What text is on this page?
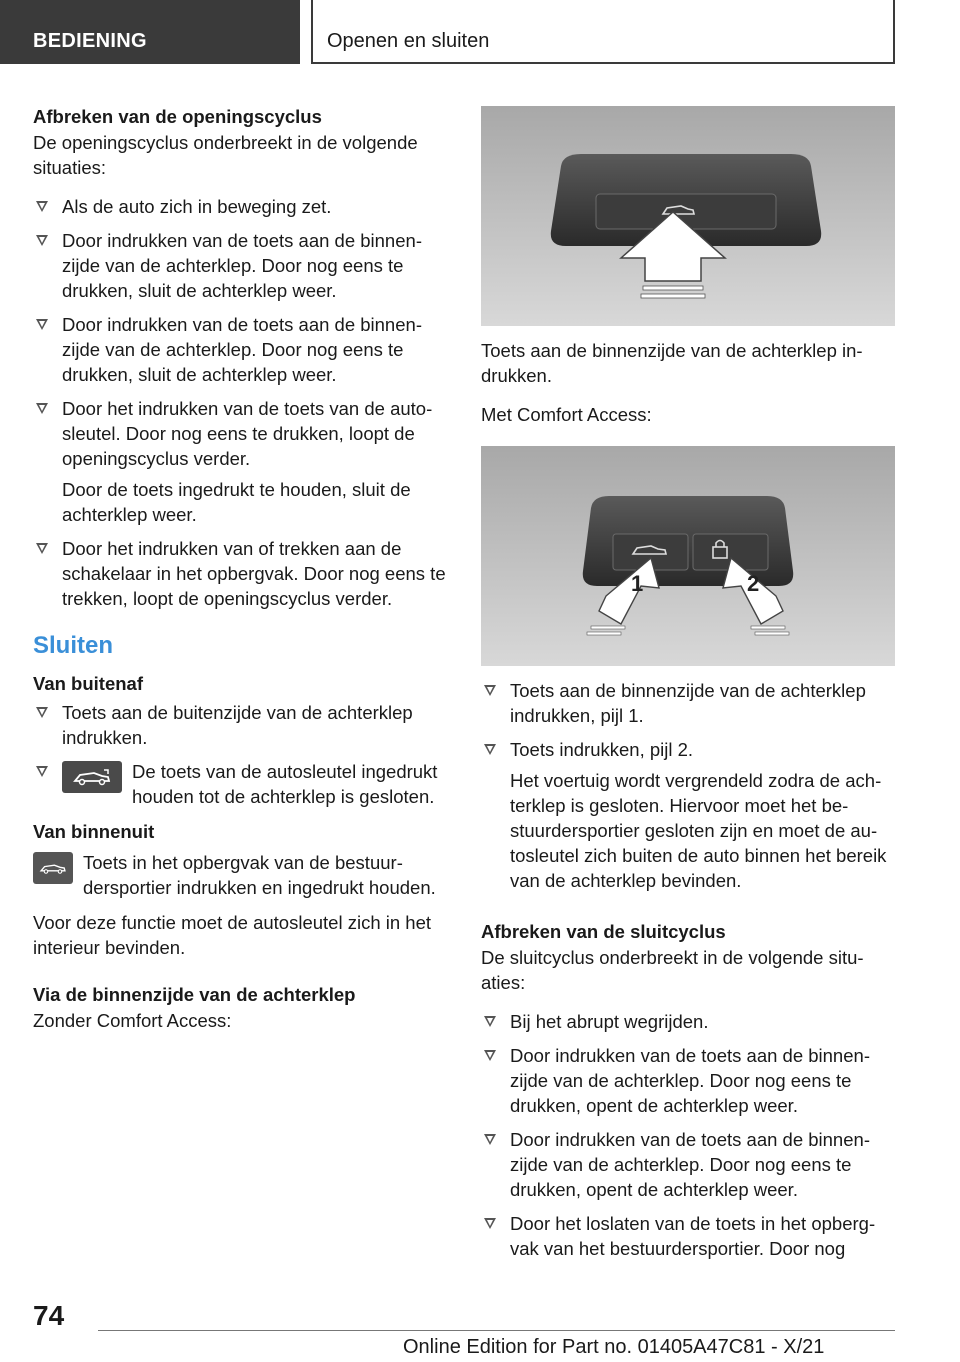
BEDIENING	Openen en sluiten
Afbreken van de openingscyclus
De openingscyclus onderbreekt in de volgende situaties:
Als de auto zich in beweging zet.
Door indrukken van de toets aan de binnenzijde van de achterklep. Door nog eens te drukken, sluit de achterklep weer.
Door indrukken van de toets aan de binnenzijde van de achterklep. Door nog eens te drukken, sluit de achterklep weer.
Door het indrukken van de toets van de autosleutel. Door nog eens te drukken, loopt de openingscyclus verder.
Door de toets ingedrukt te houden, sluit de achterklep weer.
Door het indrukken van of trekken aan de schakelaar in het opbergvak. Door nog eens te trekken, loopt de openingscyclus verder.
Sluiten
Van buitenaf
Toets aan de buitenzijde van de achterklep indrukken.
De toets van de autosleutel ingedrukt houden tot de achterklep is gesloten.
Van binnenuit
Toets in het opbergvak van de bestuurdersportier indrukken en ingedrukt houden.
Voor deze functie moet de autosleutel zich in het interieur bevinden.
Via de binnenzijde van de achterklep
Zonder Comfort Access:
1	2
Toets aan de binnenzijde van de achterklep indrukken.
Met Comfort Access:
Toets aan de binnenzijde van de achterklep indrukken, pijl 1.
Toets indrukken, pijl 2.
Het voertuig wordt vergrendeld zodra de achterklep is gesloten. Hiervoor moet het bestuurdersportier gesloten zijn en moet de autosleutel zich buiten de auto binnen het bereik van de achterklep bevinden.
Afbreken van de sluitcyclus
De sluitcyclus onderbreekt in de volgende situaties:
Bij het abrupt wegrijden.
Door indrukken van de toets aan de binnenzijde van de achterklep. Door nog eens te drukken, opent de achterklep weer.
Door indrukken van de toets aan de binnenzijde van de achterklep. Door nog eens te drukken, opent de achterklep weer.
Door het loslaten van de toets in het opbergvak van het bestuurdersportier. Door nog
74
Online Edition for Part no. 01405A47C81 - X/21
